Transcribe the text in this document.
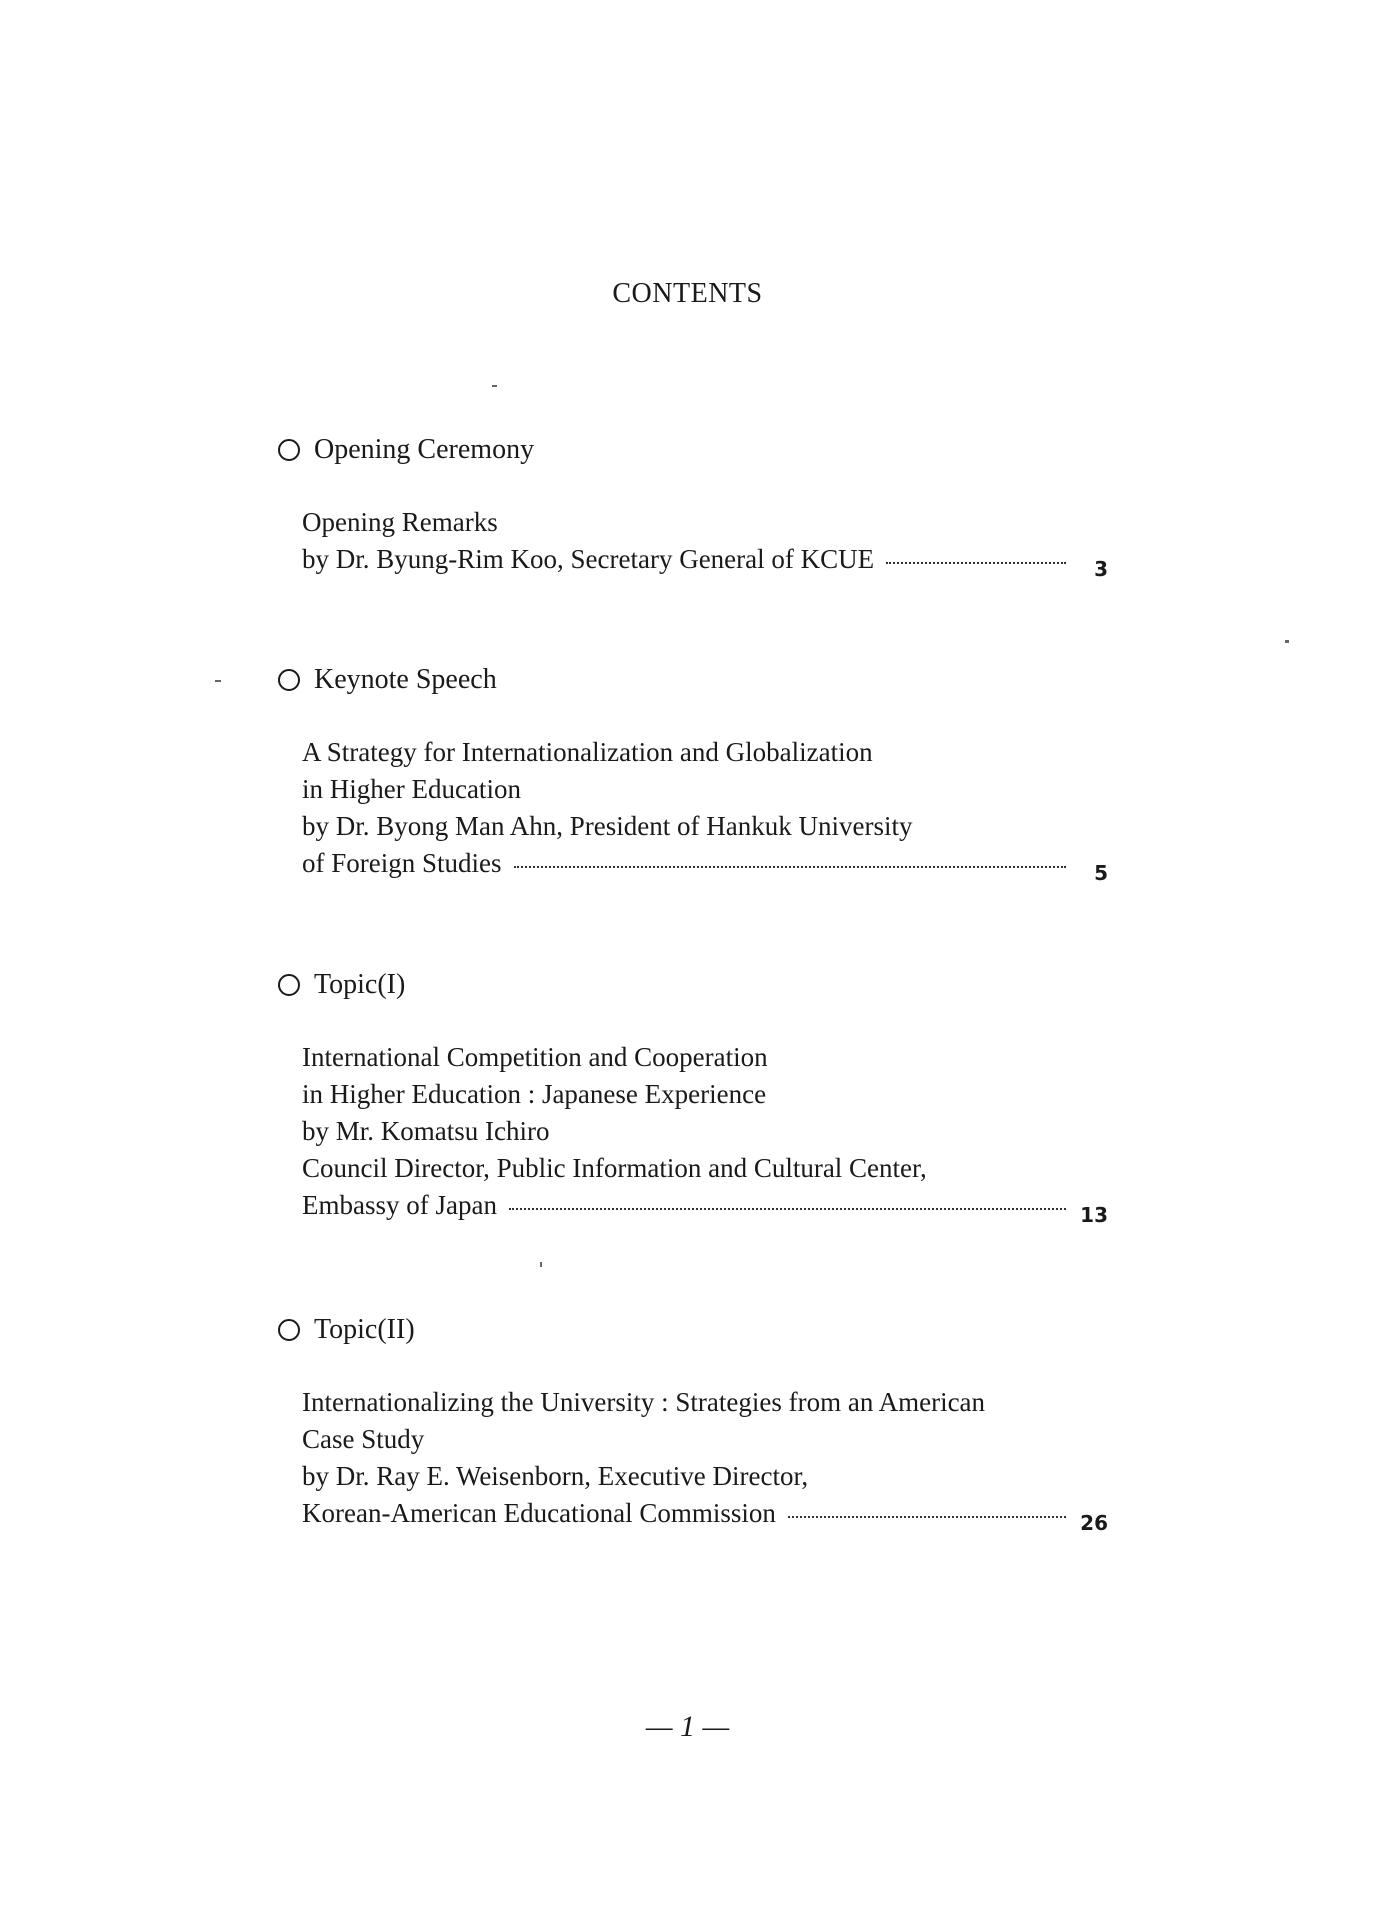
CONTENTS
Opening Ceremony
Opening Remarks
by Dr. Byung-Rim Koo, Secretary General of KCUE	3
Keynote Speech
A Strategy for Internationalization and Globalization
in Higher Education
by Dr. Byong Man Ahn, President of Hankuk University
of Foreign Studies	5
Topic(I)
International Competition and Cooperation
in Higher Education : Japanese Experience
by Mr. Komatsu Ichiro
Council Director, Public Information and Cultural Center,
Embassy of Japan	13
Topic(II)
Internationalizing the University : Strategies from an American
Case Study
by Dr. Ray E. Weisenborn, Executive Director,
Korean-American Educational Commission	26
— 1 —
